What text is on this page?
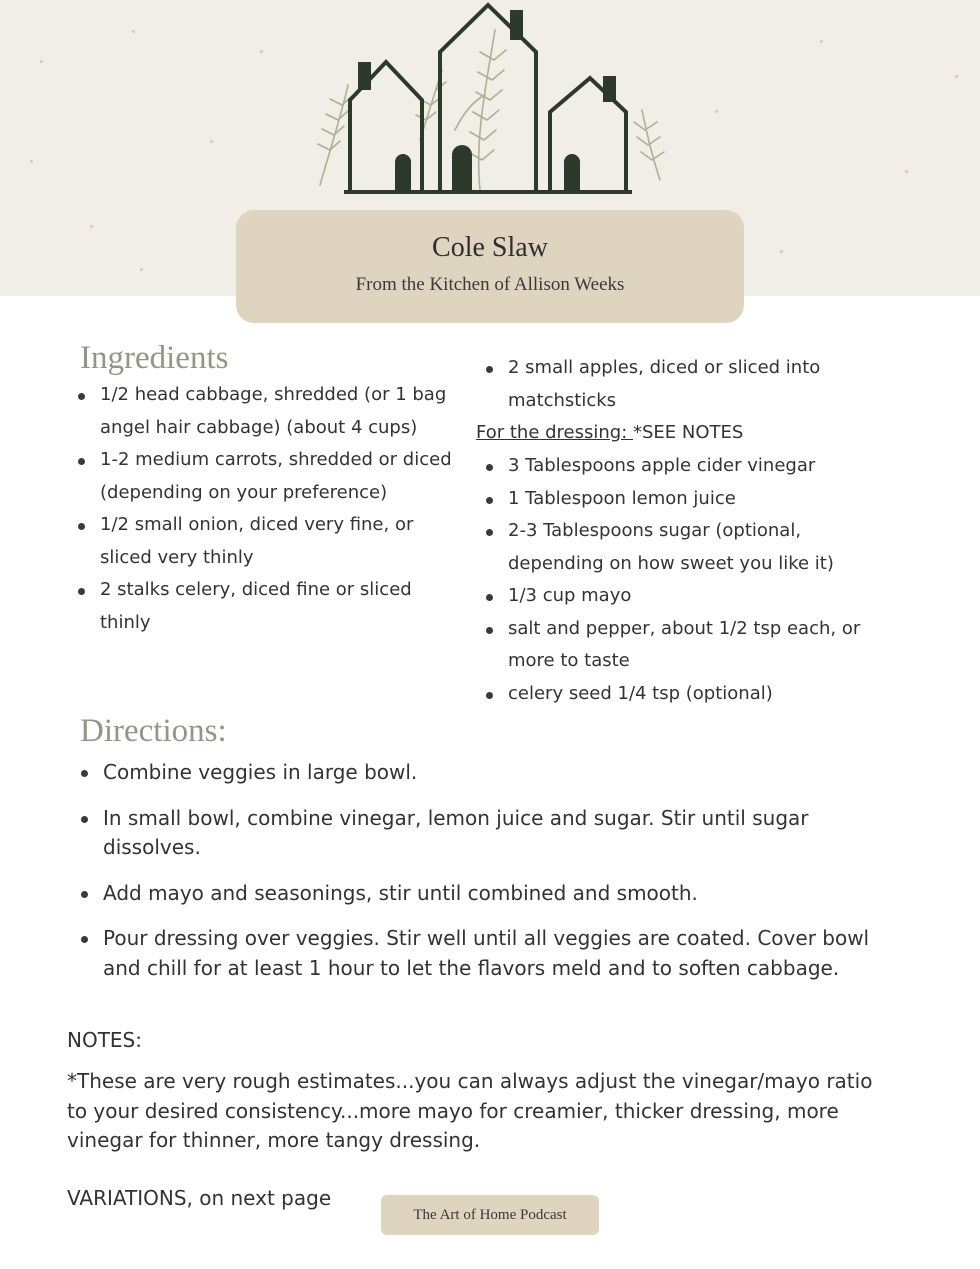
Cole Slaw
From the Kitchen of Allison Weeks
Ingredients
1/2 head cabbage, shredded (or 1 bag angel hair cabbage) (about 4 cups)
1-2 medium carrots, shredded or diced (depending on your preference)
1/2 small onion, diced very fine, or sliced very thinly
2 stalks celery, diced fine or sliced thinly
2 small apples, diced or sliced into matchsticks
For the dressing: *SEE NOTES
3 Tablespoons apple cider vinegar
1 Tablespoon lemon juice
2-3 Tablespoons sugar (optional, depending on how sweet you like it)
1/3 cup mayo
salt and pepper, about 1/2 tsp each, or more to taste
celery seed 1/4 tsp (optional)
Directions:
Combine veggies in large bowl.
In small bowl, combine vinegar, lemon juice and sugar. Stir until sugar dissolves.
Add mayo and seasonings, stir until combined and smooth.
Pour dressing over veggies. Stir well until all veggies are coated. Cover bowl and chill for at least 1 hour to let the flavors meld and to soften cabbage.
NOTES:
*These are very rough estimates...you can always adjust the vinegar/mayo ratio to your desired consistency...more mayo for creamier, thicker dressing, more vinegar for thinner, more tangy dressing.
VARIATIONS, on next page
The Art of Home Podcast
